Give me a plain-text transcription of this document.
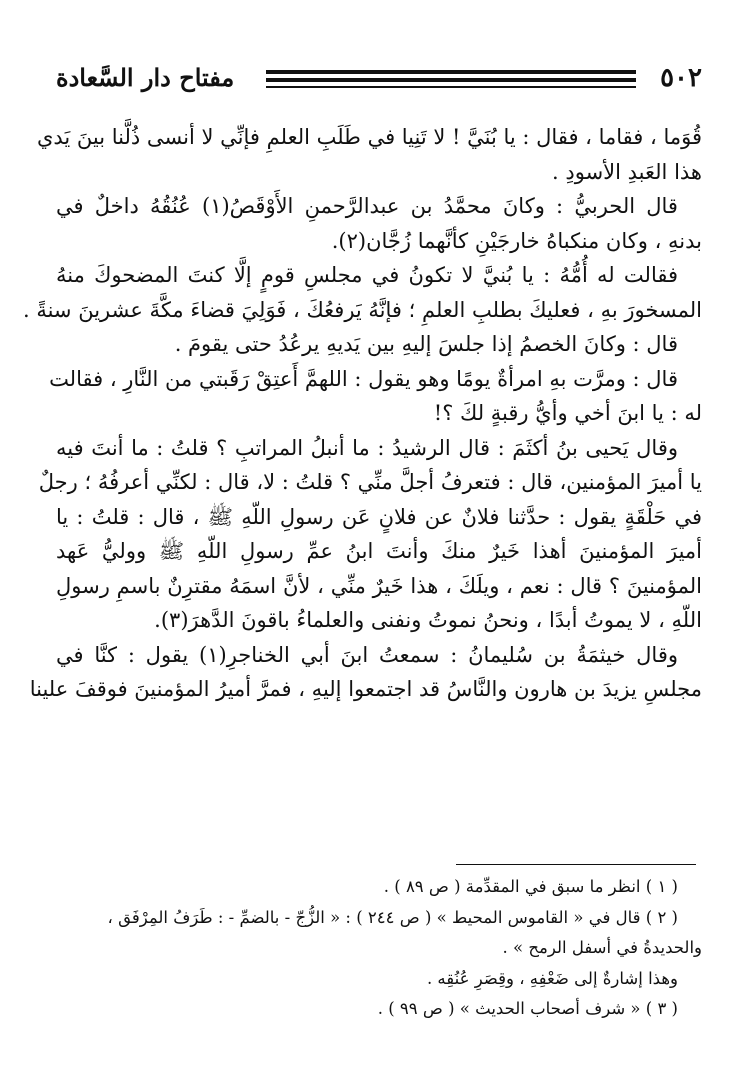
٥٠٢
مفتاح دار السَّعادة
قُوَما ، فقاما ، فقال : يا بُنَيَّ ! لا تَنِيا في طَلَبِ العلمِ فإنِّي لا أنسى ذُلَّنا بينَ يَدي
هذا العَبدِ الأسودِ .
قال الحربيُّ : وكانَ محمَّدُ بن عبدالرَّحمنِ الأَوْقَصُ(١) عُنُقُهُ داخلٌ في
بدنهِ ، وكان منكباهُ خارجَيْنِ كأنَّهما زُجَّان(٢).
فقالت له أُمُّهُ : يا بُنيَّ لا تكونُ في مجلسِ قومٍ إلَّا كنتَ المضحوكَ منهُ
المسخورَ بهِ ، فعليكَ بطلبِ العلمِ ؛ فإنَّهُ يَرفعُكَ ، فَوَلِيَ قضاءَ مكَّةَ عشرينَ سنةً .
قال : وكانَ الخصمُ إذا جلسَ إليهِ بين يَديهِ يرعُدُ حتى يقومَ .
قال : ومرَّت بهِ امرأةٌ يومًا وهو يقول : اللهمَّ أَعتِقْ رَقَبتي من النَّارِ ، فقالت
له : يا ابنَ أخي وأيُّ رقبةٍ لكَ ؟!
وقال يَحيى بنُ أكثَمَ : قال الرشيدُ : ما أنبلُ المراتبِ ؟ قلتُ : ما أنتَ فيه
يا أميرَ المؤمنين، قال : فتعرفُ أجلَّ منِّي ؟ قلتُ : لا، قال : لكنِّي أعرفُهُ ؛ رجلٌ
في حَلْقَةٍ يقول : حدَّثنا فلانٌ عن فلانٍ عَن رسولِ اللّهِ ﷺ ، قال : قلتُ : يا
أميرَ المؤمنينَ أهذا خَيرٌ منكَ وأنتَ ابنُ عمِّ رسولِ اللّهِ ﷺ ووليُّ عَهد
المؤمنينَ ؟ قال : نعم ، ويلَكَ ، هذا خَيرٌ منِّي ، لأنَّ اسمَهُ مقترِنٌ باسمِ رسولِ
اللّهِ ، لا يموتُ أبدًا ، ونحنُ نموتُ ونفنى والعلماءُ باقونَ الدَّهرَ(٣).
وقال خيثمَةُ بن سُليمانُ : سمعتُ ابنَ أبي الخناجرِ(١) يقول : كنَّا في
مجلسِ يزيدَ بن هارون والنَّاسُ قد اجتمعوا إليهِ ، فمرَّ أميرُ المؤمنينَ فوقفَ علينا
( ١ ) انظر ما سبق في المقدِّمة ( ص ٨٩ ) .
( ٢ ) قال في « القاموس المحيط » ( ص ٢٤٤ ) : « الزُّجّ - بالضمِّ - : طَرَفُ المِرْفَق ،
والحديدةُ في أسفل الرمح » .
وهذا إشارةٌ إلى ضَعْفِهِ ، وقِصَرِ عُنُقِه .
( ٣ ) « شرف أصحاب الحديث » ( ص ٩٩ ) .
